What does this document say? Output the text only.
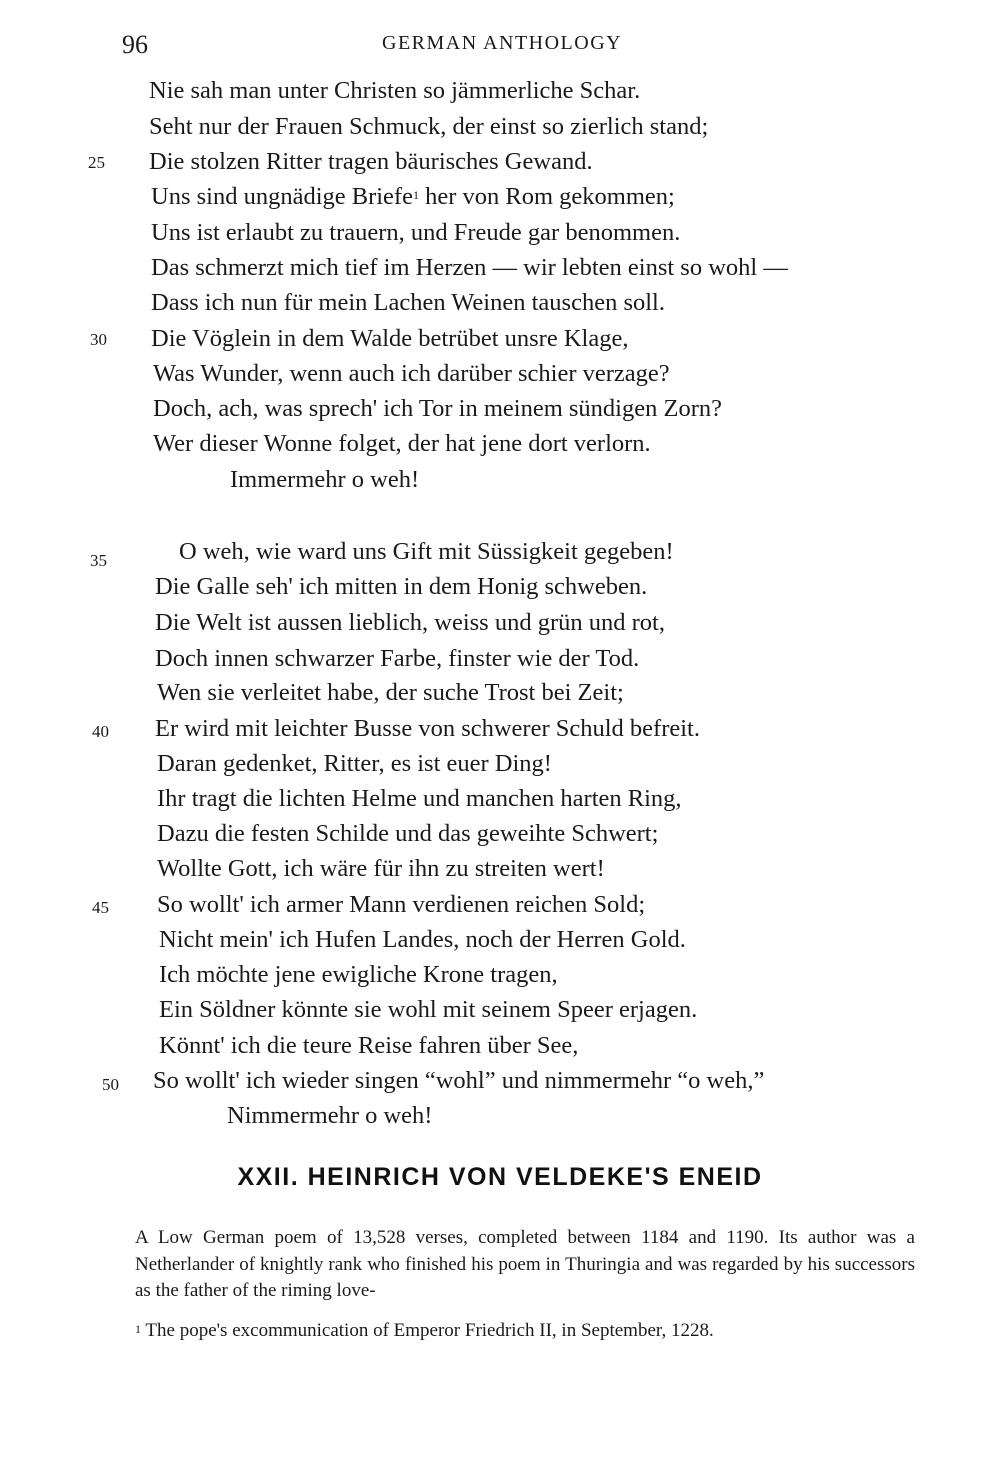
96	GERMAN ANTHOLOGY
Nie sah man unter Christen so jämmerliche Schar.
Seht nur der Frauen Schmuck, der einst so zierlich stand;
25 Die stolzen Ritter tragen bäurisches Gewand.
Uns sind ungnädige Briefe$^1$ her von Rom gekommen;
Uns ist erlaubt zu trauern, und Freude gar benommen.
Das schmerzt mich tief im Herzen — wir lebten einst so wohl —
Dass ich nun für mein Lachen Weinen tauschen soll.
30 Die Vöglein in dem Walde betrübet unsre Klage,
Was Wunder, wenn auch ich darüber schier verzage?
Doch, ach, was sprech' ich Tor in meinem sündigen Zorn?
Wer dieser Wonne folget, der hat jene dort verlorn.
Immermehr o weh!
35	O weh, wie ward uns Gift mit Süssigkeit gegeben!
Die Galle seh' ich mitten in dem Honig schweben.
Die Welt ist aussen lieblich, weiss und grün und rot,
Doch innen schwarzer Farbe, finster wie der Tod.
Wen sie verleitet habe, der suche Trost bei Zeit;
40 Er wird mit leichter Busse von schwerer Schuld befreit.
Daran gedenket, Ritter, es ist euer Ding!
Ihr tragt die lichten Helme und manchen harten Ring,
Dazu die festen Schilde und das geweihte Schwert;
Wollte Gott, ich wäre für ihn zu streiten wert!
45 So wollt' ich armer Mann verdienen reichen Sold;
Nicht mein' ich Hufen Landes, noch der Herren Gold.
Ich möchte jene ewigliche Krone tragen,
Ein Söldner könnte sie wohl mit seinem Speer erjagen.
Könnt' ich die teure Reise fahren über See,
50 So wollt' ich wieder singen “wohl” und nimmermehr “o weh,”
Nimmermehr o weh!
XXII. HEINRICH VON VELDEKE'S ENEID
A Low German poem of 13,528 verses, completed between 1184 and 1190. Its author was a Netherlander of knightly rank who finished his poem in Thuringia and was regarded by his successors as the father of the riming love-
$^1$ The pope's excommunication of Emperor Friedrich II, in September, 1228.
